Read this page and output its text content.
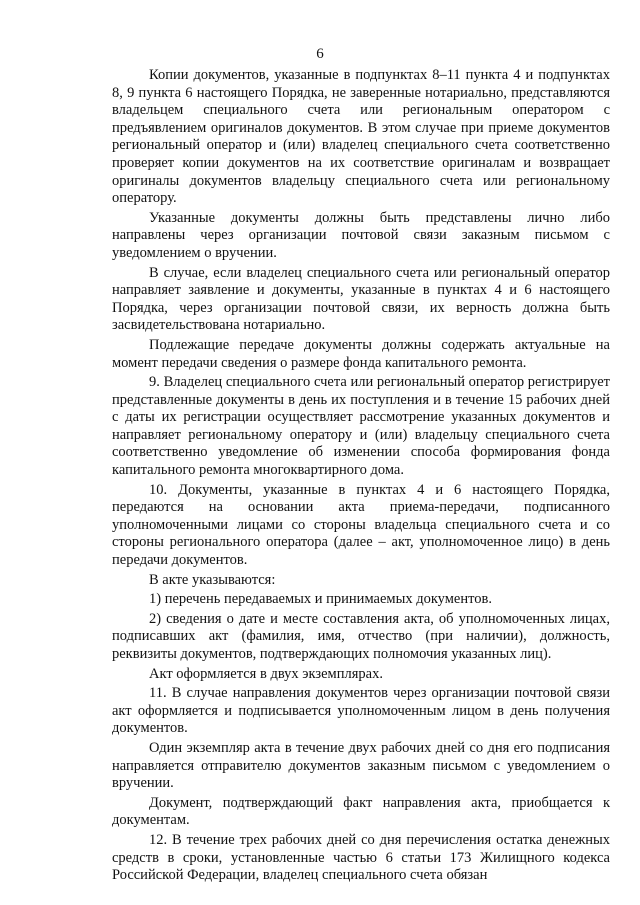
6

Копии документов, указанные в подпунктах 8–11 пункта 4 и подпунктах 8, 9 пункта 6 настоящего Порядка, не заверенные нотариально, представляются владельцем специального счета или региональным оператором с предъявлением оригиналов документов. В этом случае при приеме документов региональный оператор и (или) владелец специального счета соответственно проверяет копии документов на их соответствие оригиналам и возвращает оригиналы документов владельцу специального счета или региональному оператору.

Указанные документы должны быть представлены лично либо направлены через организации почтовой связи заказным письмом с уведомлением о вручении.

В случае, если владелец специального счета или региональный оператор направляет заявление и документы, указанные в пунктах 4 и 6 настоящего Порядка, через организации почтовой связи, их верность должна быть засвидетельствована нотариально.

Подлежащие передаче документы должны содержать актуальные на момент передачи сведения о размере фонда капитального ремонта.

9. Владелец специального счета или региональный оператор регистрирует представленные документы в день их поступления и в течение 15 рабочих дней с даты их регистрации осуществляет рассмотрение указанных документов и направляет региональному оператору и (или) владельцу специального счета соответственно уведомление об изменении способа формирования фонда капитального ремонта многоквартирного дома.

10. Документы, указанные в пунктах 4 и 6 настоящего Порядка, передаются на основании акта приема-передачи, подписанного уполномоченными лицами со стороны владельца специального счета и со стороны регионального оператора (далее – акт, уполномоченное лицо) в день передачи документов.

В акте указываются:

1) перечень передаваемых и принимаемых документов.

2) сведения о дате и месте составления акта, об уполномоченных лицах, подписавших акт (фамилия, имя, отчество (при наличии), должность, реквизиты документов, подтверждающих полномочия указанных лиц).

Акт оформляется в двух экземплярах.

11. В случае направления документов через организации почтовой связи акт оформляется и подписывается уполномоченным лицом в день получения документов.

Один экземпляр акта в течение двух рабочих дней со дня его подписания направляется отправителю документов заказным письмом с уведомлением о вручении.

Документ, подтверждающий факт направления акта, приобщается к документам.

12. В течение трех рабочих дней со дня перечисления остатка денежных средств в сроки, установленные частью 6 статьи 173 Жилищного кодекса Российской Федерации, владелец специального счета обязан
